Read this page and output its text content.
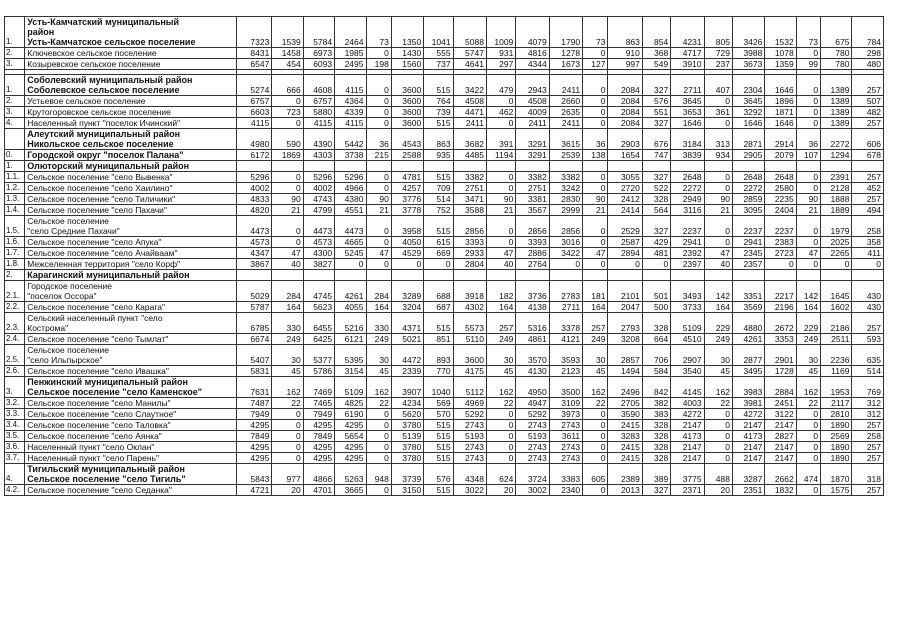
1.	Усть-Камчатский муниципальный
район
Усть-Камчатское сельское поселение	7323	1539	5784	2464	73	1350	1041	5088	1009	4079	1790	73	863	854	4231	805	3426	1532	73	675	784
2.	Ключевское сельское поселение	8431	1458	6973	1985	0	1430	555	5747	931	4816	1278	0	910	368	4717	729	3988	1078	0	780	298
3.	Козыревское сельское поселение	6547	454	6093	2495	198	1560	737	4641	297	4344	1673	127	997	549	3910	237	3673	1359	99	780	480

1.	Соболевский муниципальный район
Соболевское сельское поселение	5274	666	4608	4115	0	3600	515	3422	479	2943	2411	0	2084	327	2711	407	2304	1646	0	1389	257
2.	Устьевое сельское поселение	6757	0	6757	4364	0	3600	764	4508	0	4508	2660	0	2084	576	3645	0	3645	1896	0	1389	507
3.	Крутогоровское сельское поселение	6603	723	5880	4339	0	3600	739	4471	462	4009	2635	0	2084	551	3653	361	3292	1871	0	1389	482
4.	Населенный пункт "поселок Ичинский"	4115	0	4115	4115	0	3600	515	2411	0	2411	2411	0	2084	327	1646	0	1646	1646	0	1389	257

	Алеутский муниципальный район
Никольское сельское поселение	4980	590	4390	5442	36	4543	863	3682	391	3291	3615	36	2903	676	3184	313	2871	2914	36	2272	606
0.	Городской округ "поселок Палана"	6172	1869	4303	3738	215	2588	935	4485	1194	3291	2539	138	1654	747	3839	934	2905	2079	107	1294	678
1.	Олюторский муниципальный район																					

1.1.	Сельское поселение "село Вывенка"	5296	0	5296	5296	0	4781	515	3382	0	3382	3382	0	3055	327	2648	0	2648	2648	0	2391	257
1.2.	Сельское поселение "село Хаилино"	4002	0	4002	4966	0	4257	709	2751	0	2751	3242	0	2720	522	2272	0	2272	2580	0	2128	452
1.3.	Сельское поселение "село Тиличики"	4833	90	4743	4380	90	3776	514	3471	90	3381	2830	90	2412	328	2949	90	2859	2235	90	1888	257
1.4.	Сельское поселение "село Пахачи"	4820	21	4799	4551	21	3778	752	3588	21	3567	2999	21	2414	564	3116	21	3095	2404	21	1889	494
1.5.	Сельское поселение
"село Средние Пахачи"	4473	0	4473	4473	0	3958	515	2856	0	2856	2856	0	2529	327	2237	0	2237	2237	0	1979	258
1.6.	Сельское поселение "село Апука"	4573	0	4573	4665	0	4050	615	3393	0	3393	3016	0	2587	429	2941	0	2941	2383	0	2025	358
1.7.	Сельское поселение "село Ачайваам"	4347	47	4300	5245	47	4529	669	2933	47	2886	3422	47	2894	481	2392	47	2345	2723	47	2265	411
1.8.	Межселенная территория "село Корф"	3867	40	3827	0	0	0	0	2804	40	2764	0	0	0	0	2397	40	2357	0	0	0	0
2.	Карагинский муниципальный район																					

2.1.	Городское поселение
"поселок Оссора"	5029	284	4745	4261	284	3289	688	3918	182	3736	2783	181	2101	501	3493	142	3351	2217	142	1645	430
2.2.	Сельское поселение "село Карага"	5787	164	5623	4055	164	3204	687	4302	164	4138	2711	164	2047	500	3733	164	3569	2196	164	1602	430
2.3.	Сельский населенный пункт "село
Кострома"	6785	330	6455	5216	330	4371	515	5573	257	5316	3378	257	2793	328	5109	229	4880	2672	229	2186	257
2.4.	Сельское поселение "село Тымлат"	6674	249	6425	6121	249	5021	851	5110	249	4861	4121	249	3208	664	4510	249	4261	3353	249	2511	593
2.5.	Сельское поселение
"село Ильпырское"	5407	30	5377	5395	30	4472	893	3600	30	3570	3593	30	2857	706	2907	30	2877	2901	30	2236	635
2.6.	Сельское поселение "село Ивашка"	5831	45	5786	3154	45	2339	770	4175	45	4130	2123	45	1494	584	3540	45	3495	1728	45	1169	514
3.	Пенжинский муниципальный район
Сельское поселение "село Каменское"	7631	162	7469	5109	162	3907	1040	5112	162	4950	3500	162	2496	842	4145	162	3983	2884	162	1953	769
3.2.	Сельское поселение "село Манилы"	7487	22	7465	4825	22	4234	569	4969	22	4947	3109	22	2705	382	4003	22	3981	2451	22	2117	312
3.3.	Сельское поселение "село Слаутное"	7949	0	7949	6190	0	5620	570	5292	0	5292	3973	0	3590	383	4272	0	4272	3122	0	2810	312
3.4.	Сельское поселение "село Таловка"	4295	0	4295	4295	0	3780	515	2743	0	2743	2743	0	2415	328	2147	0	2147	2147	0	1890	257
3.5.	Сельское поселение "село Аянка"	7849	0	7849	5654	0	5139	515	5193	0	5193	3611	0	3283	328	4173	0	4173	2827	0	2569	258
3.6.	Населенный пункт "село Оклан"	4295	0	4295	4295	0	3780	515	2743	0	2743	2743	0	2415	328	2147	0	2147	2147	0	1890	257
3.7.	Населенный пункт "село Парень"	4295	0	4295	4295	0	3780	515	2743	0	2743	2743	0	2415	328	2147	0	2147	2147	0	1890	257
4.	Тигильский муниципальный район
Сельское поселение "село Тигиль"	5843	977	4866	5263	948	3739	576	4348	624	3724	3383	605	2389	389	3775	488	3287	2662	474	1870	318
4.2.	Сельское поселение "село Седанка"	4721	20	4701	3665	0	3150	515	3022	20	3002	2340	0	2013	327	2371	20	2351	1832	0	1575	257
